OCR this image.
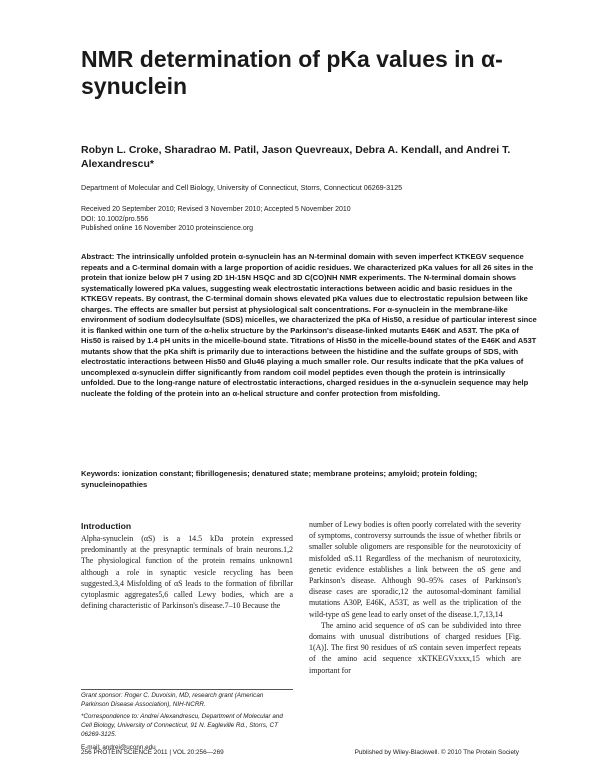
NMR determination of pKa values in α-synuclein
Robyn L. Croke, Sharadrao M. Patil, Jason Quevreaux, Debra A. Kendall, and Andrei T. Alexandrescu*
Department of Molecular and Cell Biology, University of Connecticut, Storrs, Connecticut 06269-3125
Received 20 September 2010; Revised 3 November 2010; Accepted 5 November 2010
DOI: 10.1002/pro.556
Published online 16 November 2010 proteinscience.org
Abstract: The intrinsically unfolded protein α-synuclein has an N-terminal domain with seven imperfect KTKEGV sequence repeats and a C-terminal domain with a large proportion of acidic residues. We characterized pKa values for all 26 sites in the protein that ionize below pH 7 using 2D 1H-15N HSQC and 3D C(CO)NH NMR experiments. The N-terminal domain shows systematically lowered pKa values, suggesting weak electrostatic interactions between acidic and basic residues in the KTKEGV repeats. By contrast, the C-terminal domain shows elevated pKa values due to electrostatic repulsion between like charges. The effects are smaller but persist at physiological salt concentrations. For α-synuclein in the membrane-like environment of sodium dodecylsulfate (SDS) micelles, we characterized the pKa of His50, a residue of particular interest since it is flanked within one turn of the α-helix structure by the Parkinson's disease-linked mutants E46K and A53T. The pKa of His50 is raised by 1.4 pH units in the micelle-bound state. Titrations of His50 in the micelle-bound states of the E46K and A53T mutants show that the pKa shift is primarily due to interactions between the histidine and the sulfate groups of SDS, with electrostatic interactions between His50 and Glu46 playing a much smaller role. Our results indicate that the pKa values of uncomplexed α-synuclein differ significantly from random coil model peptides even though the protein is intrinsically unfolded. Due to the long-range nature of electrostatic interactions, charged residues in the α-synuclein sequence may help nucleate the folding of the protein into an α-helical structure and confer protection from misfolding.
Keywords: ionization constant; fibrillogenesis; denatured state; membrane proteins; amyloid; protein folding; synucleinopathies
Introduction
Alpha-synuclein (αS) is a 14.5 kDa protein expressed predominantly at the presynaptic terminals of brain neurons.1,2 The physiological function of the protein remains unknown1 although a role in synaptic vesicle recycling has been suggested.3,4 Misfolding of αS leads to the formation of fibrillar cytoplasmic aggregates5,6 called Lewy bodies, which are a defining characteristic of Parkinson's disease.7–10 Because the

number of Lewy bodies is often poorly correlated with the severity of symptoms, controversy surrounds the issue of whether fibrils or smaller soluble oligomers are responsible for the neurotoxicity of misfolded αS.11 Regardless of the mechanism of neurotoxicity, genetic evidence establishes a link between the αS gene and Parkinson's disease. Although 90–95% cases of Parkinson's disease cases are sporadic,12 the autosomal-dominant familial mutations A30P, E46K, A53T, as well as the triplication of the wild-type αS gene lead to early onset of the disease.1,7,13,14

The amino acid sequence of αS can be subdivided into three domains with unusual distributions of charged residues [Fig. 1(A)]. The first 90 residues of αS contain seven imperfect repeats of the amino acid sequence xKTKEGVxxxx,15 which are important for

Grant sponsor: Roger C. Duvoisin, MD, research grant (American Parkinson Disease Association), NIH-NCRR.

*Correspondence to: Andrei Alexandrescu, Department of Molecular and Cell Biology, University of Connecticut, 91 N. Eagleville Rd., Storrs, CT 06269-3125.

E-mail: andrei@uconn.edu

256 PROTEIN SCIENCE 2011 | VOL 20:256—269	Published by Wiley-Blackwell. © 2010 The Protein Society
